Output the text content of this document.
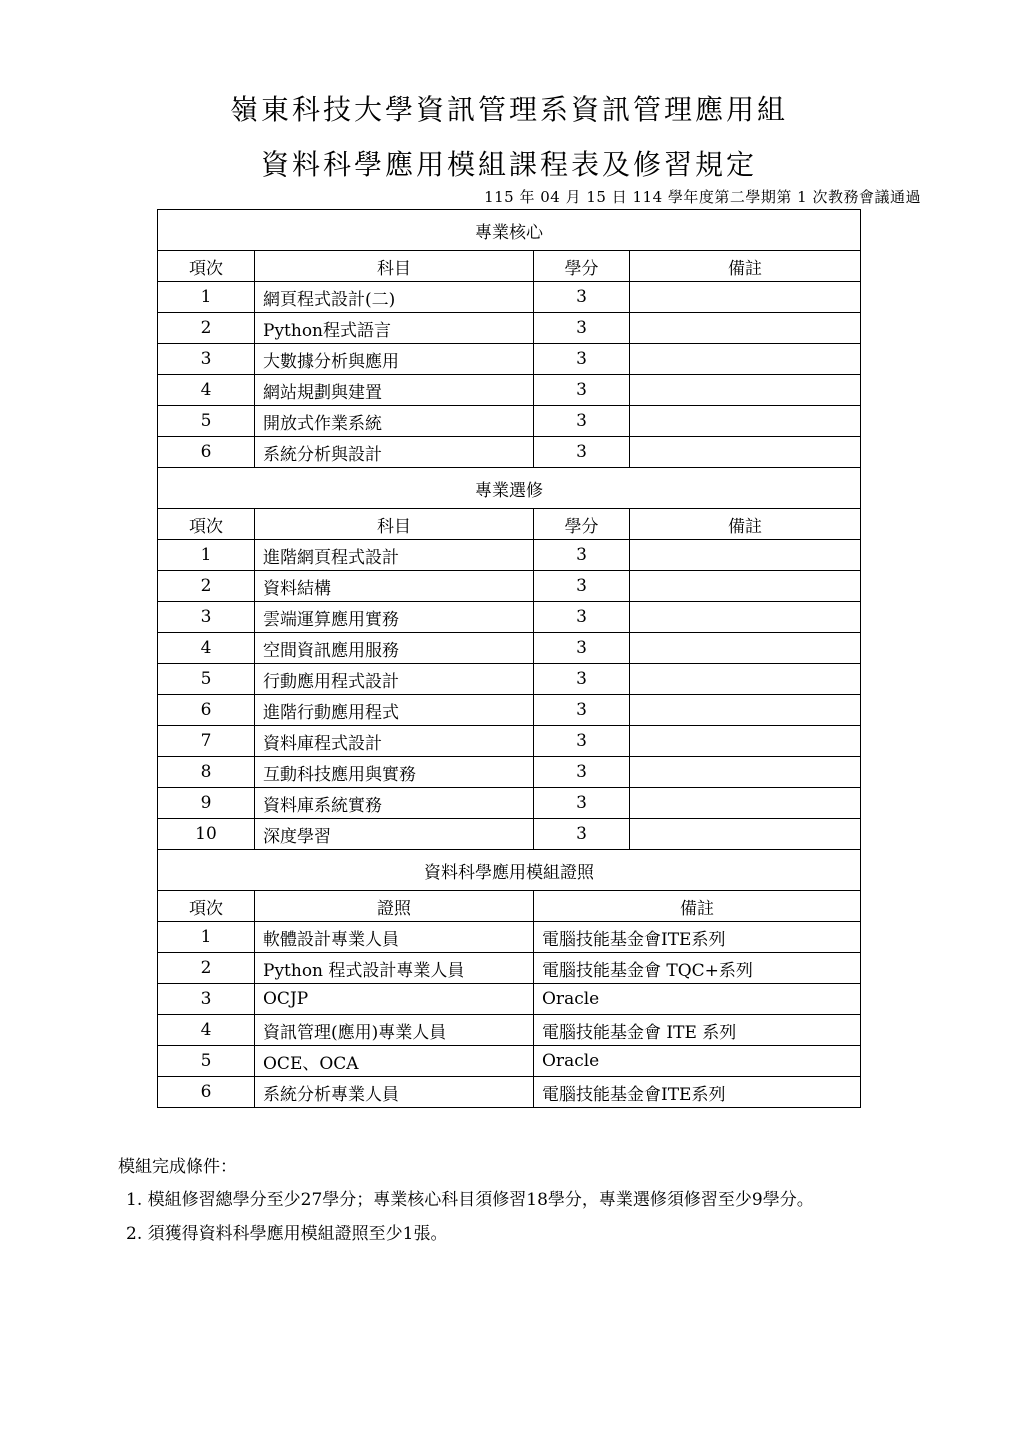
嶺東科技大學資訊管理系資訊管理應用組
資料科學應用模組課程表及修習規定
115 年 04 月 15 日 114 學年度第二學期第 1 次教務會議通過
專業核心			
項次	科目	學分	備註
1	網頁程式設計(二)	3	
2	Python程式語言	3	
3	大數據分析與應用	3	
4	網站規劃與建置	3	
5	開放式作業系統	3	
6	系統分析與設計	3	
專業選修			
項次	科目	學分	備註
1	進階網頁程式設計	3	
2	資料結構	3	
3	雲端運算應用實務	3	
4	空間資訊應用服務	3	
5	行動應用程式設計	3	
6	進階行動應用程式	3	
7	資料庫程式設計	3	
8	互動科技應用與實務	3	
9	資料庫系統實務	3	
10	深度學習	3	
資料科學應用模組證照			
項次	證照	備註	
1	軟體設計專業人員	電腦技能基金會ITE系列	
2	Python 程式設計專業人員	電腦技能基金會 TQC+系列	
3	OCJP	Oracle	
4	資訊管理(應用)專業人員	電腦技能基金會 ITE 系列	
5	OCE、OCA	Oracle	
6	系統分析專業人員	電腦技能基金會ITE系列	
模組完成條件：
1. 模組修習總學分至少27學分；專業核心科目須修習18學分，專業選修須修習至少9學分。
2. 須獲得資料科學應用模組證照至少1張。
